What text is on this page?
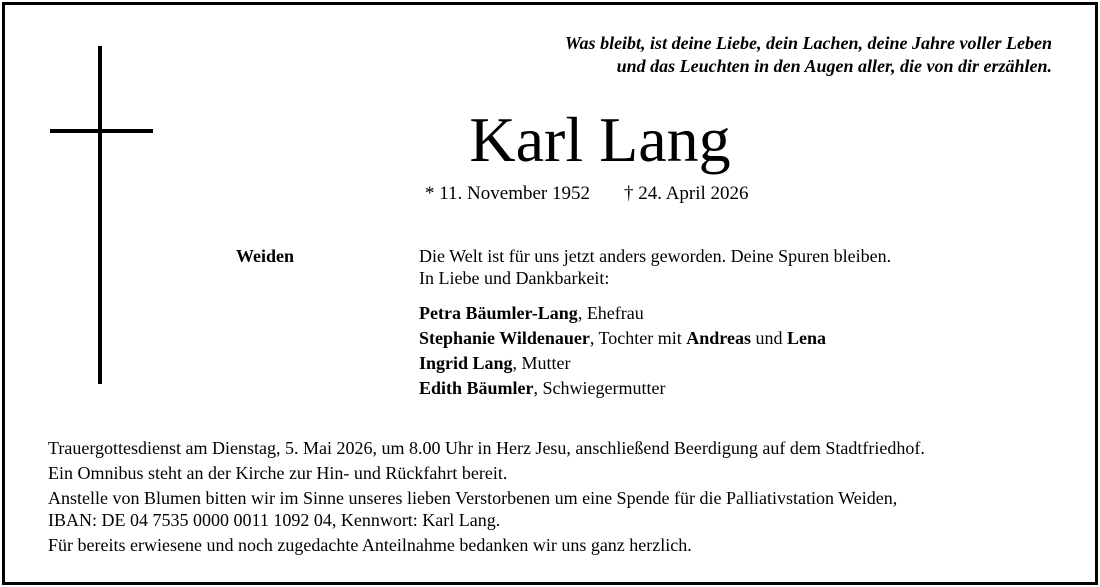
Was bleibt, ist deine Liebe, dein Lachen, deine Jahre voller Leben
und das Leuchten in den Augen aller, die von dir erzählen.
Karl Lang
* 11. November 1952 † 24. April 2026
Weiden	Die Welt ist für uns jetzt anders geworden. Deine Spuren bleiben.
In Liebe und Dankbarkeit:
Petra Bäumler-Lang, Ehefrau
Stephanie Wildenauer, Tochter mit Andreas und Lena
Ingrid Lang, Mutter
Edith Bäumler, Schwiegermutter
Trauergottesdienst am Dienstag, 5. Mai 2026, um 8.00 Uhr in Herz Jesu, anschließend Beerdigung auf dem Stadtfriedhof.
Ein Omnibus steht an der Kirche zur Hin- und Rückfahrt bereit.
Anstelle von Blumen bitten wir im Sinne unseres lieben Verstorbenen um eine Spende für die Palliativstation Weiden,
IBAN: DE 04 7535 0000 0011 1092 04, Kennwort: Karl Lang.
Für bereits erwiesene und noch zugedachte Anteilnahme bedanken wir uns ganz herzlich.
